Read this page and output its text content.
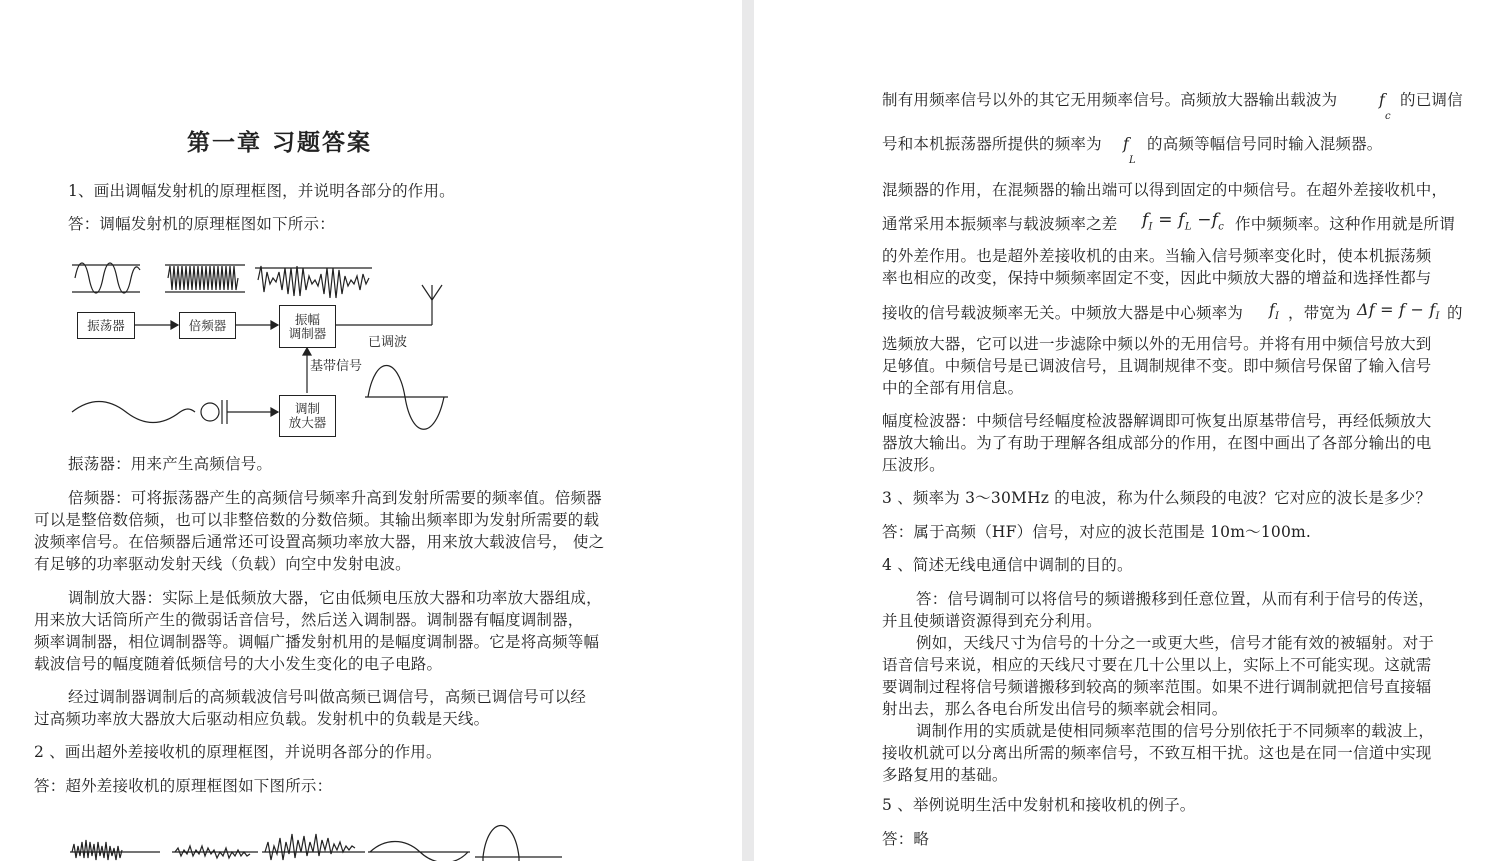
第一章 习题答案
1、画出调幅发射机的原理框图，并说明各部分的作用。
答：调幅发射机的原理框图如下所示：
振荡器	倍频器	振幅
调制器
调制
放大器
已调波
基带信号
振荡器：用来产生高频信号。
倍频器：可将振荡器产生的高频信号频率升高到发射所需要的频率值。倍频器
可以是整倍数倍频，也可以非整倍数的分数倍频。其输出频率即为发射所需要的载
波频率信号。在倍频器后通常还可设置高频功率放大器，用来放大载波信号， 使之
有足够的功率驱动发射天线（负载）向空中发射电波。
调制放大器：实际上是低频放大器，它由低频电压放大器和功率放大器组成，
用来放大话筒所产生的微弱话音信号，然后送入调制器。调制器有幅度调制器，
频率调制器，相位调制器等。调幅广播发射机用的是幅度调制器。它是将高频等幅
载波信号的幅度随着低频信号的大小发生变化的电子电路。
经过调制器调制后的高频载波信号叫做高频已调信号，高频已调信号可以经
过高频功率放大器放大后驱动相应负载。发射机中的负载是天线。
2 、画出超外差接收机的原理框图，并说明各部分的作用。
答：超外差接收机的原理框图如下图所示：
制有用频率信号以外的其它无用频率信号。高频放大器输出载波为	$f_c$
的已调信
号和本机振荡器所提供的频率为 $f_L$
的高频等幅信号同时输入混频器。
混频器的作用，在混频器的输出端可以得到固定的中频信号。在超外差接收机中，
通常采用本振频率与载波频率之差 $f_I = f_L -f_c$ 作中频频率。这种作用就是所谓
的外差作用。也是超外差接收机的由来。当输入信号频率变化时，使本机振荡频
率也相应的改变，保持中频频率固定不变，因此中频放大器的增益和选择性都与
接收的信号载波频率无关。中频放大器是中心频率为 $f_I$ ，带宽为 $\Delta f = f - f_I$ 的
选频放大器，它可以进一步滤除中频以外的无用信号。并将有用中频信号放大到
足够值。中频信号是已调波信号，且调制规律不变。即中频信号保留了输入信号
中的全部有用信息。
幅度检波器：中频信号经幅度检波器解调即可恢复出原基带信号，再经低频放大
器放大输出。为了有助于理解各组成部分的作用，在图中画出了各部分输出的电
压波形。
3 、频率为 3～30MHz 的电波，称为什么频段的电波？它对应的波长是多少？
答：属于高频（HF）信号，对应的波长范围是 10m～100m.
4 、简述无线电通信中调制的目的。
答：信号调制可以将信号的频谱搬移到任意位置，从而有利于信号的传送，
并且使频谱资源得到充分利用。
例如，天线尺寸为信号的十分之一或更大些，信号才能有效的被辐射。对于
语音信号来说，相应的天线尺寸要在几十公里以上，实际上不可能实现。这就需
要调制过程将信号频谱搬移到较高的频率范围。如果不进行调制就把信号直接辐
射出去，那么各电台所发出信号的频率就会相同。
调制作用的实质就是使相同频率范围的信号分别依托于不同频率的载波上，
接收机就可以分离出所需的频率信号，不致互相干扰。这也是在同一信道中实现
多路复用的基础。
5 、举例说明生活中发射机和接收机的例子。
答：略
